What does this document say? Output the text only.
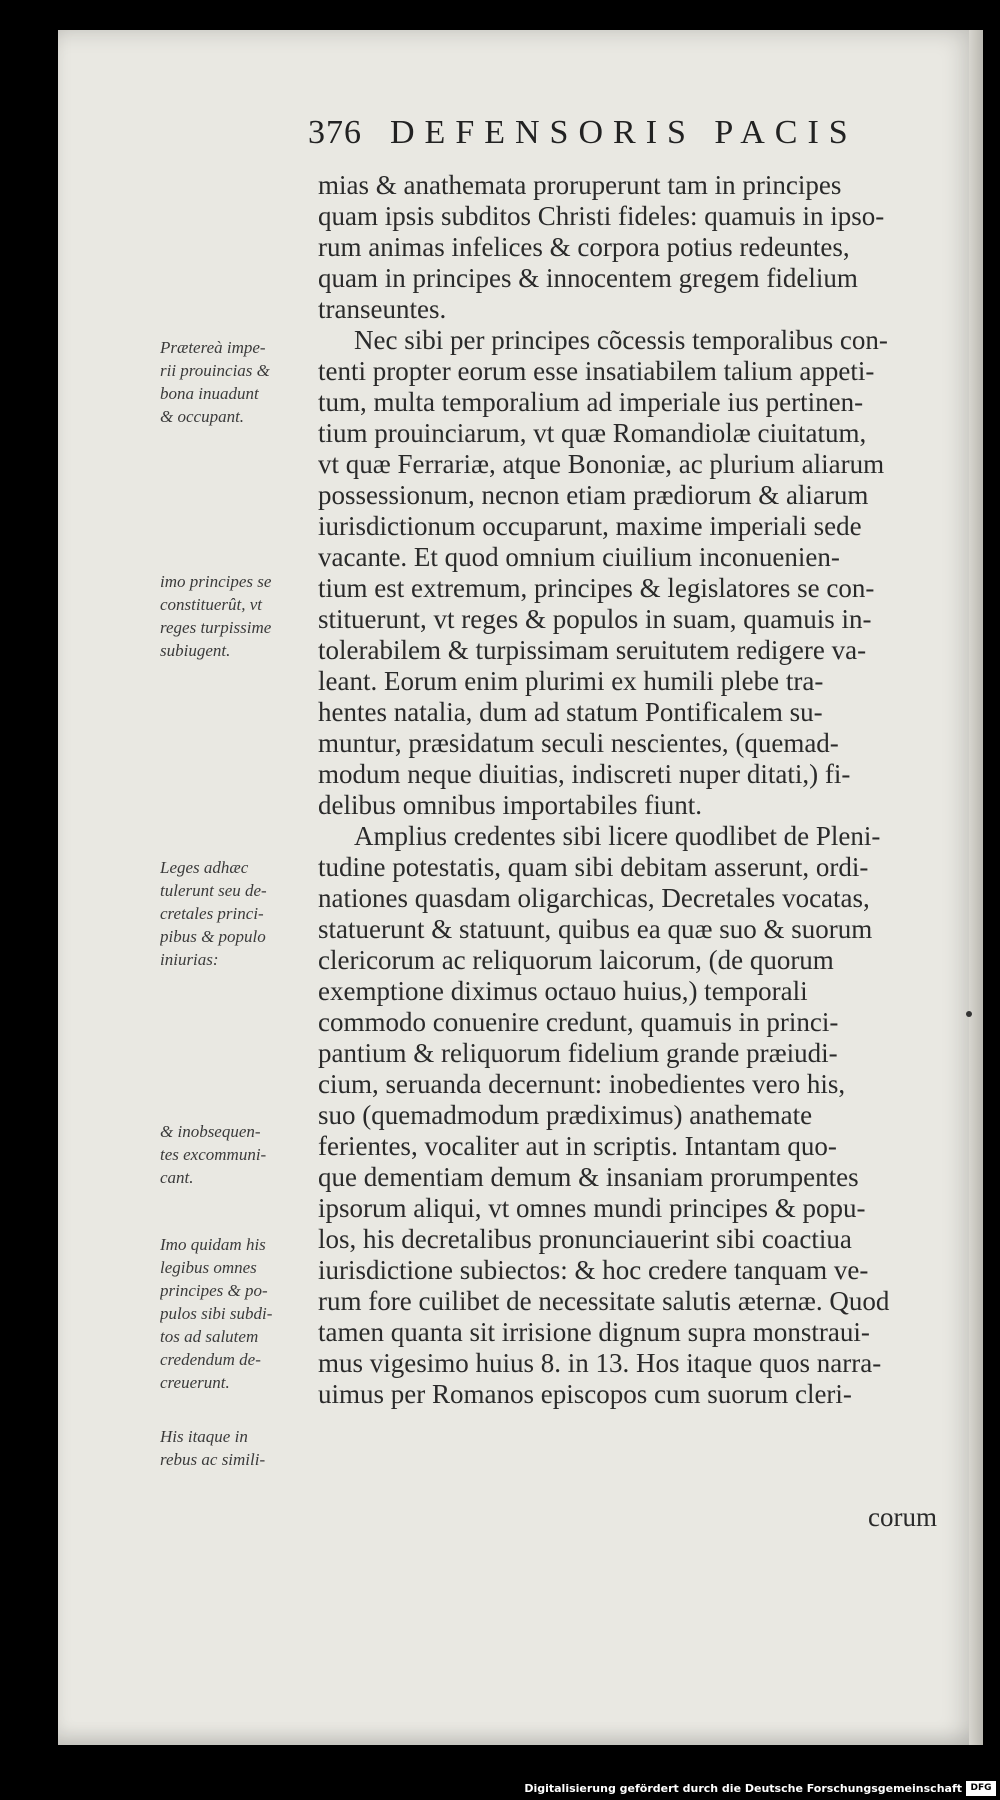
376 DEFENSORIS PACIS
mias & anathemata proruperunt tam in principes
quam ipsis subditos Christi fideles: quamuis in ipso-
rum animas infelices & corpora potius redeuntes,
quam in principes & innocentem gregem fidelium
transeuntes.
Nec sibi per principes cõcessis temporalibus con-
tenti propter eorum esse insatiabilem talium appeti-
tum, multa temporalium ad imperiale ius pertinen-
tium prouinciarum, vt quæ Romandiolæ ciuitatum,
vt quæ Ferrariæ, atque Bononiæ, ac plurium aliarum
possessionum, necnon etiam prædiorum & aliarum
iurisdictionum occuparunt, maxime imperiali sede
vacante. Et quod omnium ciuilium inconuenien-
tium est extremum, principes & legislatores se con-
stituerunt, vt reges & populos in suam, quamuis in-
tolerabilem & turpissimam seruitutem redigere va-
leant. Eorum enim plurimi ex humili plebe tra-
hentes natalia, dum ad statum Pontificalem su-
muntur, præsidatum seculi nescientes, (quemad-
modum neque diuitias, indiscreti nuper ditati,) fi-
delibus omnibus importabiles fiunt.
Amplius credentes sibi licere quodlibet de Pleni-
tudine potestatis, quam sibi debitam asserunt, ordi-
nationes quasdam oligarchicas, Decretales vocatas,
statuerunt & statuunt, quibus ea quæ suo & suorum
clericorum ac reliquorum laicorum, (de quorum
exemptione diximus octauo huius,) temporali
commodo conuenire credunt, quamuis in princi-
pantium & reliquorum fidelium grande præiudi-
cium, seruanda decernunt: inobedientes vero his,
suo (quemadmodum prædiximus) anathemate
ferientes, vocaliter aut in scriptis. Intantam quo-
que dementiam demum & insaniam prorumpentes
ipsorum aliqui, vt omnes mundi principes & popu-
los, his decretalibus pronunciauerint sibi coactiua
iurisdictione subiectos: & hoc credere tanquam ve-
rum fore cuilibet de necessitate salutis æternæ. Quod
tamen quanta sit irrisione dignum supra monstraui-
mus vigesimo huius 8. in 13. Hos itaque quos narra-
uimus per Romanos episcopos cum suorum cleri-
corum
Prætereà impe-
rii prouincias &
bona inuadunt
& occupant.
imo principes se
constituerût, vt
reges turpissime
subiugent.
Leges adhæc
tulerunt seu de-
cretales princi-
pibus & populo
iniurias:
& inobsequen-
tes excommuni-
cant.
Imo quidam his
legibus omnes
principes & po-
pulos sibi subdi-
tos ad salutem
credendum de-
creuerunt.
His itaque in
rebus ac simili-
Digitalisierung gefördert durch die Deutsche Forschungsgemeinschaft DFG
